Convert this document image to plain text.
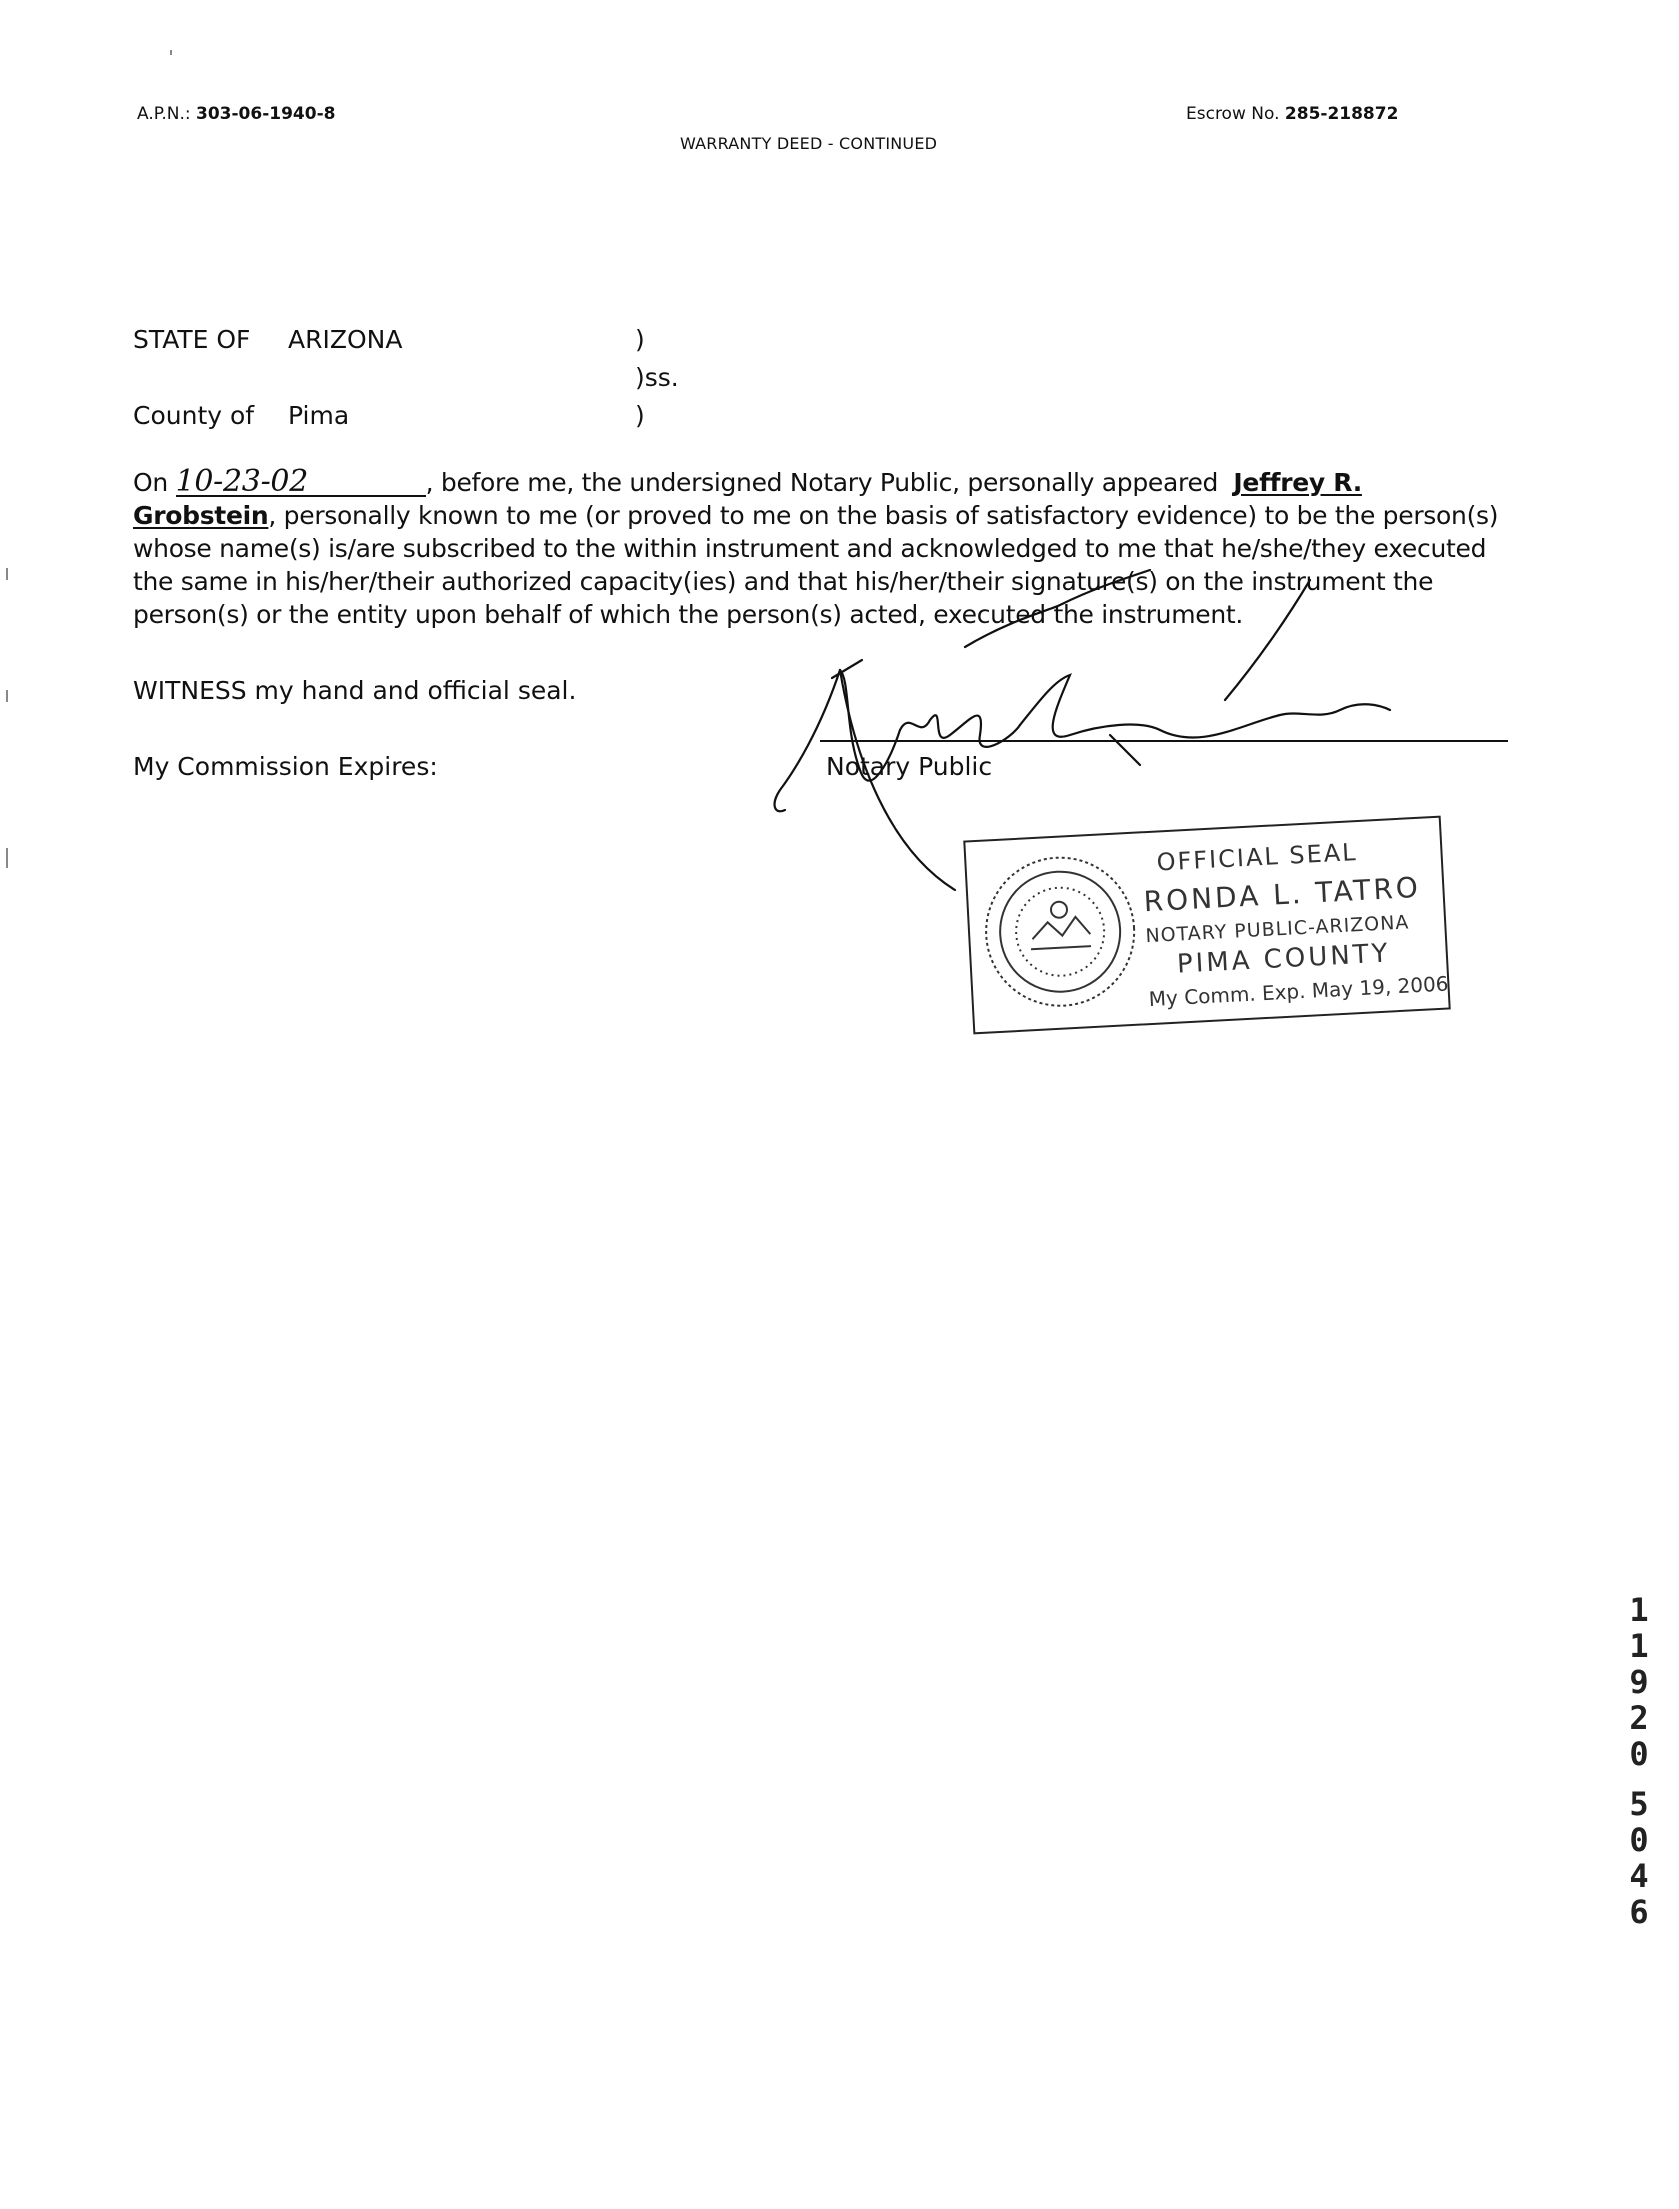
A.P.N.: 303-06-1940-8	Escrow No. 285-218872
WARRANTY DEED - CONTINUED
STATE OF ARIZONA	)
)ss.
County of Pima	)

On 10-23-02	, before me, the undersigned Notary Public, personally appeared Jeffrey R.

Grobstein, personally known to me (or proved to me on the basis of satisfactory evidence) to be the person(s)

whose name(s) is/are subscribed to the within instrument and acknowledged to me that he/she/they executed

the same in his/her/their authorized capacity(ies) and that his/her/their signature(s) on the instrument the

person(s) or the entity upon behalf of which the person(s) acted, executed the instrument.

WITNESS my hand and official seal.
My Commission Expires:	Notary Public
OFFICIAL SEAL
RONDA L. TATRO
NOTARY PUBLIC-ARIZONA
PIMA COUNTY
My Comm. Exp. May 19, 2006
1
1
9
2
0
5
0
4
6
